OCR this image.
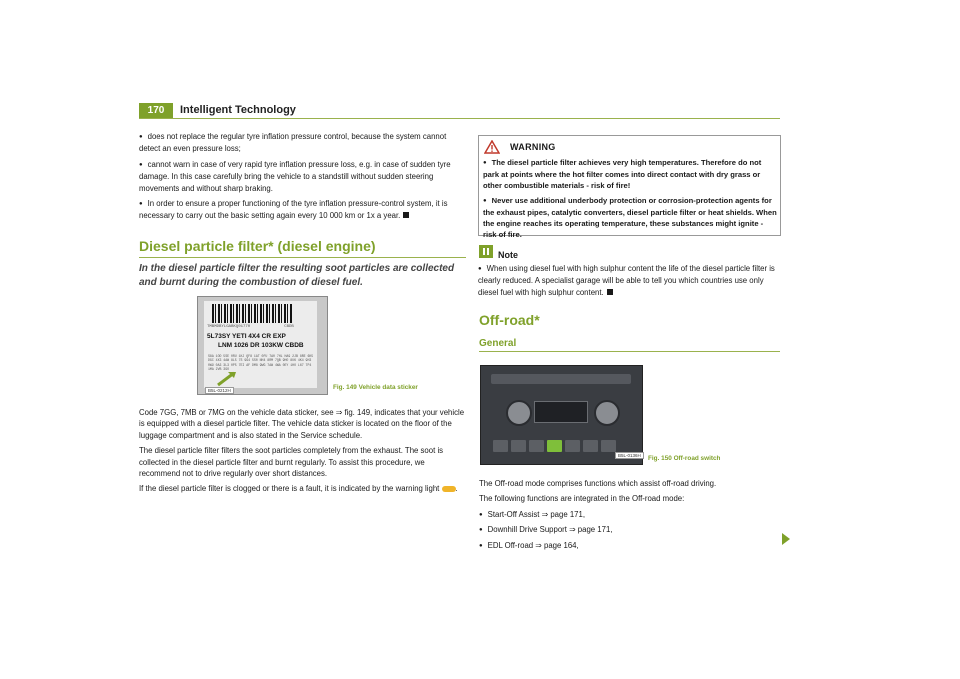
170	Intelligent Technology

● does not replace the regular tyre inflation pressure control, because the system cannot detect an even pressure loss;

● cannot warn in case of very rapid tyre inflation pressure loss, e.g. in case of sudden tyre damage. In this case carefully bring the vehicle to a standstill without sudden steering movements and without sharp braking.

● In order to ensure a proper functioning of the tyre inflation pressure-control system, it is necessary to carry out the basic setting again every 10 000 km or 1x a year.

Diesel particle filter* (diesel engine)
In the diesel particle filter the resulting soot particles are collected and burnt during the combustion of diesel fuel.
TMBMDBYLGABKQ01770	CBDB
5L73SY YETI 4X4 CR EXP
LNM 1026 DR 103KW CBDB
S8A 1OD 5SE 0RU 1KJ QF8 1AT 0FU 7A0 7HL HA9 2JB 8RE 6K5 DGC 4X3 4AW 8L5 7S 9G4 5S0 NH4 8RM 7QB 9HO 8UK 4K4 9H3 0W9 0A3 3L3 0P5 7EI AF DM8 9WG 7AW 4WA 0EY 1HO L67 7P4 1MA 2VB 3GO
B5L-0212H	Fig. 149 Vehicle data sticker

Code 7GG, 7MB or 7MG on the vehicle data sticker, see ⇒ fig. 149, indicates that your vehicle is equipped with a diesel particle filter. The vehicle data sticker is located on the floor of the luggage compartment and is also stated in the Service schedule.

The diesel particle filter filters the soot particles completely from the exhaust. The soot is collected in the diesel particle filter and burnt regularly. To assist this procedure, we recommend not to drive regularly over short distances.

If the diesel particle filter is clogged or there is a fault, it is indicated by the warning light .

WARNING

● The diesel particle filter achieves very high temperatures. Therefore do not park at points where the hot filter comes into direct contact with dry grass or other combustible materials - risk of fire!

● Never use additional underbody protection or corrosion-protection agents for the exhaust pipes, catalytic converters, diesel particle filter or heat shields. When the engine reaches its operating temperature, these substances might ignite - risk of fire.

Note

● When using diesel fuel with high sulphur content the life of the diesel particle filter is clearly reduced. A specialist garage will be able to tell you which countries use only diesel fuel with high sulphur content.

Off-road*
General
B5L-0136H	Fig. 150 Off-road switch

The Off-road mode comprises functions which assist off-road driving.

The following functions are integrated in the Off-road mode:

● Start-Off Assist ⇒ page 171,

● Downhill Drive Support ⇒ page 171,

● EDL Off-road ⇒ page 164,
